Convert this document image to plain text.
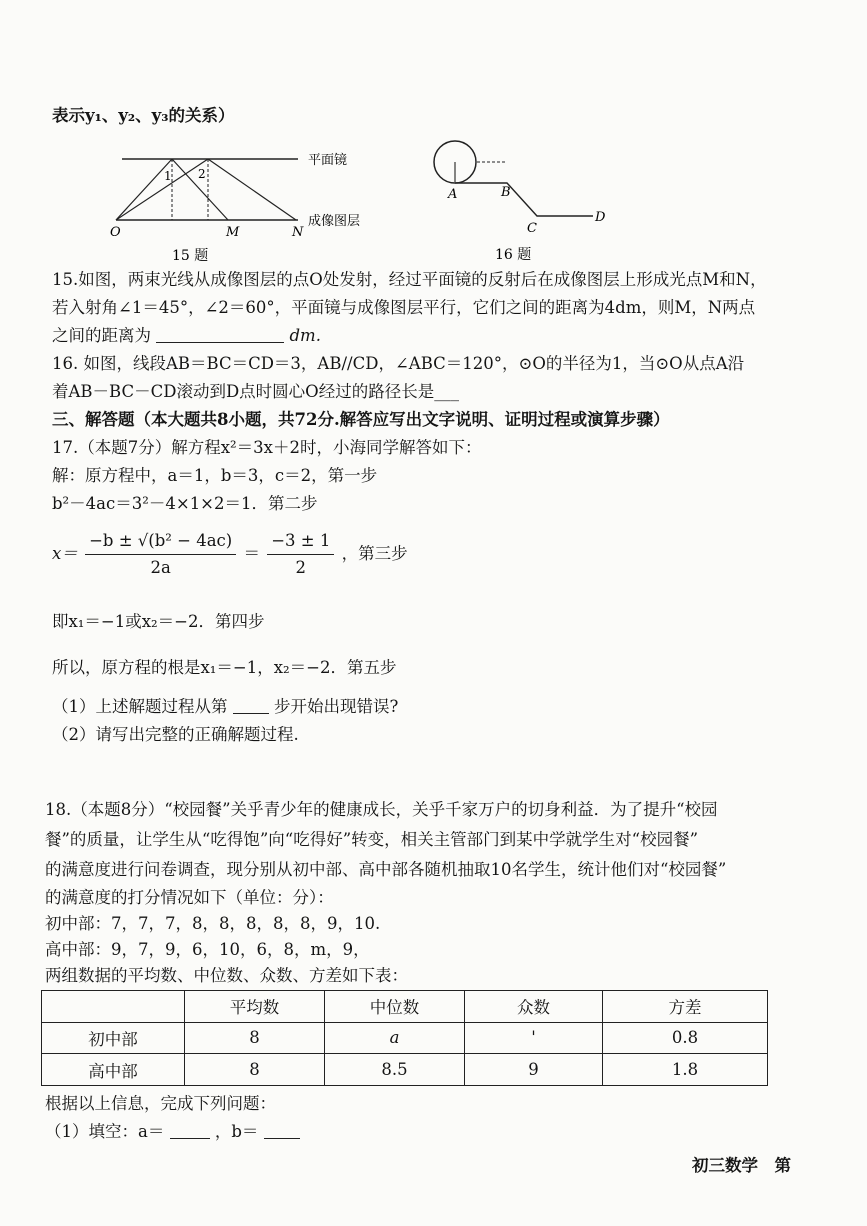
表示y₁、y₂、y₃的关系）
1 2
平面镜
成像图层
O	M	N
15 题
A	B
C
D
16 题
15.如图，两束光线从成像图层的点O处发射，经过平面镜的反射后在成像图层上形成光点M和N，
若入射角∠1＝45°，∠2＝60°，平面镜与成像图层平行，它们之间的距离为4dm，则M，N两点
之间的距离为	dm.
16. 如图，线段AB＝BC＝CD＝3，AB//CD，∠ABC＝120°，⊙O的半径为1，当⊙O从点A沿
着AB－BC－CD滚动到D点时圆心O经过的路径长是___
三、解答题（本大题共8小题，共72分.解答应写出文字说明、证明过程或演算步骤）
17.（本题7分）解方程x²＝3x＋2时，小海同学解答如下：
解：原方程中，a＝1，b＝3，c＝2，第一步
b²－4ac＝3²－4×1×2＝1．第二步
$x= \frac{\text{−b ± √(b² − 4ac)}}{2a} = \frac{-3 \pm 1}{2}$ ，第三步
即x₁＝−1或x₂＝−2．第四步
所以，原方程的根是x₁＝−1，x₂＝−2．第五步
（1）上述解题过程从第	步开始出现错误?
（2）请写出完整的正确解题过程.
18.（本题8分）“校园餐”关乎青少年的健康成长，关乎千家万户的切身利益．为了提升“校园
餐”的质量，让学生从“吃得饱”向“吃得好”转变，相关主管部门到某中学就学生对“校园餐”
的满意度进行问卷调查，现分别从初中部、高中部各随机抽取10名学生，统计他们对“校园餐”
的满意度的打分情况如下（单位：分）：
初中部：7，7，7，8，8，8，8，8，9，10.
高中部：9，7，9，6，10，6，8，m，9，
两组数据的平均数、中位数、众数、方差如下表：
	平均数	中位数	众数	方差
初中部	8	a	'	0.8
高中部	8	8.5	9	1.8
根据以上信息，完成下列问题：
（1）填空：a＝	，b＝
初三数学　第
